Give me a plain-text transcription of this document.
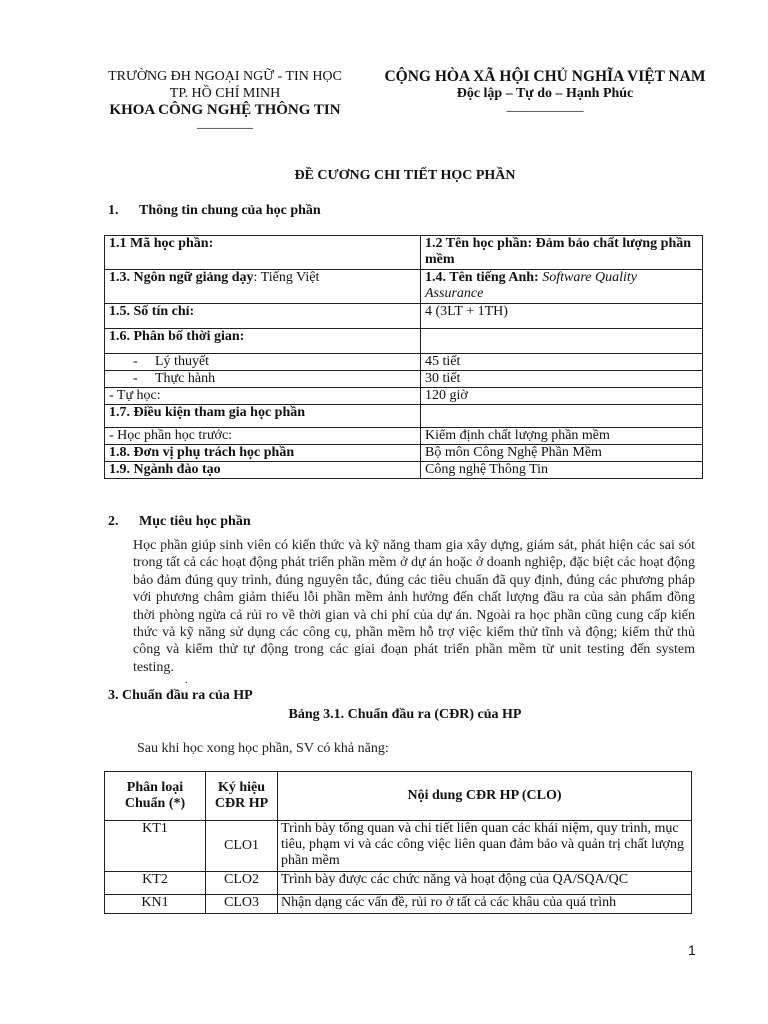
TRƯỜNG ĐH NGOẠI NGỮ - TIN HỌC
TP. HỒ CHÍ MINH
KHOA CÔNG NGHỆ THÔNG TIN
________
CỘNG HÒA XÃ HỘI CHỦ NGHĨA VIỆT NAM
Độc lập – Tự do – Hạnh Phúc
___________
ĐỀ CƯƠNG CHI TIẾT HỌC PHẦN
1. Thông tin chung của học phần
1.1 Mã học phần:	1.2 Tên học phần: Đảm bảo chất lượng phần mềm
1.3. Ngôn ngữ giảng dạy: Tiếng Việt	1.4. Tên tiếng Anh: Software Quality Assurance
1.5. Số tín chỉ:	4 (3LT + 1TH)
1.6. Phân bố thời gian:	
- Lý thuyết	45 tiết
- Thực hành	30 tiết
- Tự học:	120 giờ
1.7. Điều kiện tham gia học phần	
- Học phần học trước:	Kiểm định chất lượng phần mềm
1.8. Đơn vị phụ trách học phần	Bộ môn Công Nghệ Phần Mềm
1.9. Ngành đào tạo	Công nghệ Thông Tin
2. Mục tiêu học phần
Học phần giúp sinh viên có kiến thức và kỹ năng tham gia xây dựng, giám sát, phát hiện các sai sót trong tất cả các hoạt động phát triển phần mềm ở dự án hoặc ở doanh nghiệp, đặc biệt các hoạt động bảo đảm đúng quy trình, đúng nguyên tắc, đúng các tiêu chuẩn đã quy định, đúng các phương pháp với phương châm giảm thiểu lỗi phần mềm ảnh hưởng đến chất lượng đầu ra của sản phẩm đồng thời phòng ngừa cả rủi ro về thời gian và chi phí của dự án. Ngoài ra học phần cũng cung cấp kiến thức và kỹ năng sử dụng các công cụ, phần mềm hỗ trợ việc kiểm thử tĩnh và động; kiểm thử thủ công và kiểm thử tự động trong các giai đoạn phát triển phần mềm từ unit testing đến system testing.
.
3. Chuẩn đầu ra của HP
Bảng 3.1. Chuẩn đầu ra (CĐR) của HP
Sau khi học xong học phần, SV có khả năng:
Phân loại Chuẩn (*)	Ký hiệu CĐR HP	Nội dung CĐR HP (CLO)
KT1	CLO1	Trình bày tổng quan và chi tiết liên quan các khái niệm, quy trình, mục tiêu, phạm vi và các công việc liên quan đảm bảo và quản trị chất lượng phần mềm
KT2	CLO2	Trình bày được các chức năng và hoạt động của QA/SQA/QC
KN1	CLO3	Nhận dạng các vấn đề, rủi ro ở tất cả các khâu của quá trình
1
